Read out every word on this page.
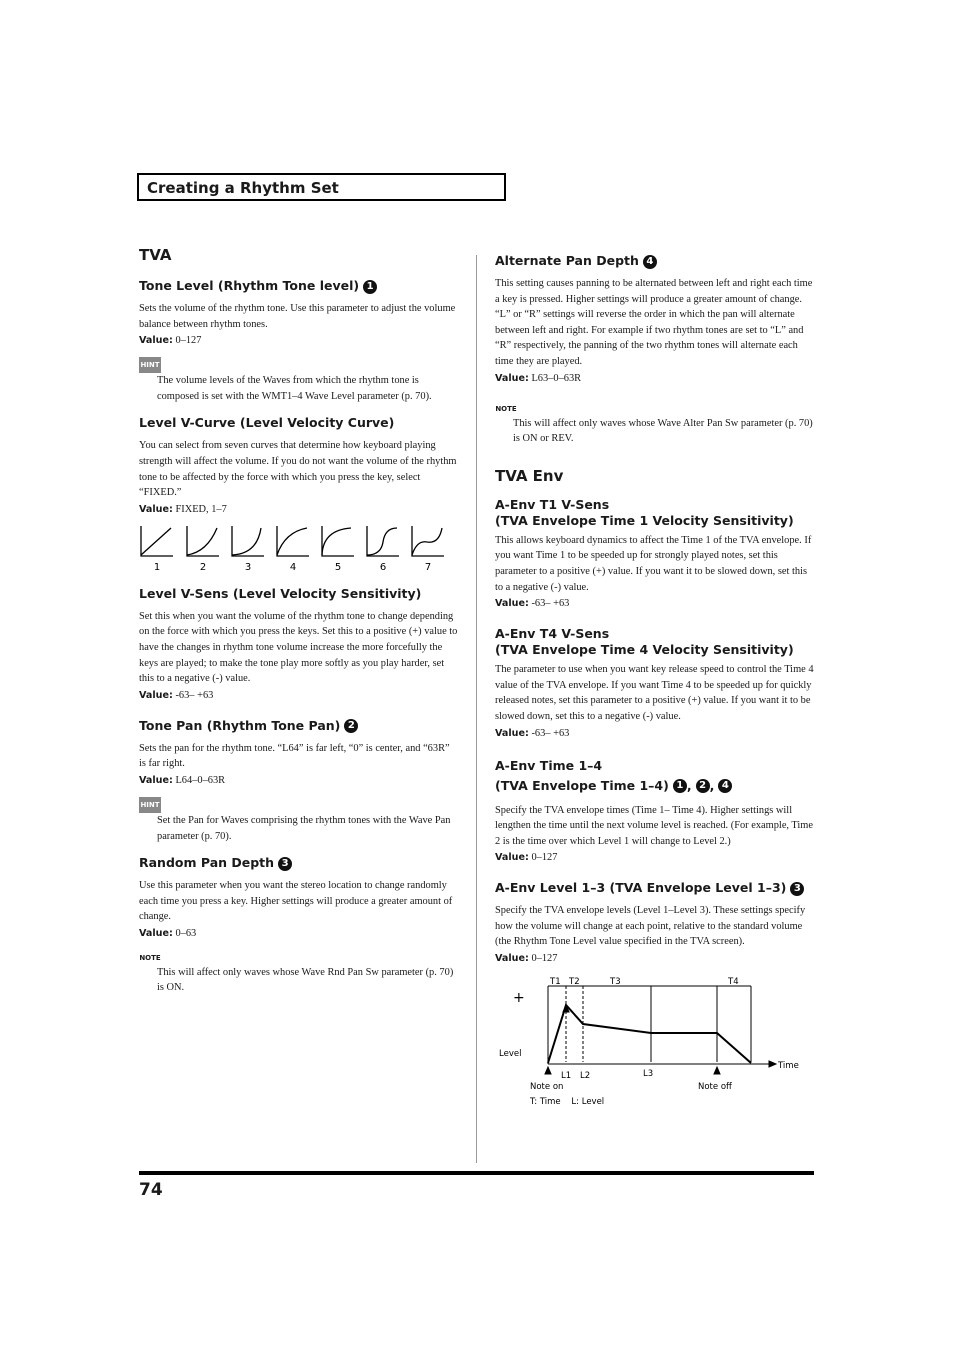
Creating a Rhythm Set
TVA
Tone Level (Rhythm Tone level) 1

Sets the volume of the rhythm tone. Use this parameter to adjust the volume balance between rhythm tones.

Value: 0–127
HINT

The volume levels of the Waves from which the rhythm tone is composed is set with the WMT1–4 Wave Level parameter (p. 70).

Level V-Curve (Level Velocity Curve)

You can select from seven curves that determine how keyboard playing strength will affect the volume. If you do not want the volume of the rhythm tone to be affected by the force with which you press the key, select “FIXED.”

Value: FIXED, 1–7
1	2	3	4	5	6	7
Level V-Sens (Level Velocity Sensitivity)

Set this when you want the volume of the rhythm tone to change depending on the force with which you press the keys. Set this to a positive (+) value to have the changes in rhythm tone volume increase the more forcefully the keys are played; to make the tone play more softly as you play harder, set this to a negative (-) value.

Value: -63– +63
Tone Pan (Rhythm Tone Pan) 2

Sets the pan for the rhythm tone. “L64” is far left, “0” is center, and “63R” is far right.

Value: L64–0–63R
HINT

Set the Pan for Waves comprising the rhythm tones with the Wave Pan parameter (p. 70).

Random Pan Depth 3

Use this parameter when you want the stereo location to change randomly each time you press a key. Higher settings will produce a greater amount of change.

Value: 0–63
NOTE

This will affect only waves whose Wave Rnd Pan Sw parameter (p. 70) is ON.

Alternate Pan Depth 4

This setting causes panning to be alternated between left and right each time a key is pressed. Higher settings will produce a greater amount of change. “L” or “R” settings will reverse the order in which the pan will alternate between left and right. For example if two rhythm tones are set to “L” and “R” respectively, the panning of the two rhythm tones will alternate each time they are played.

Value: L63–0–63R
NOTE

This will affect only waves whose Wave Alter Pan Sw parameter (p. 70) is ON or REV.

TVA Env
A-Env T1 V-Sens
(TVA Envelope Time 1 Velocity Sensitivity)

This allows keyboard dynamics to affect the Time 1 of the TVA envelope. If you want Time 1 to be speeded up for strongly played notes, set this parameter to a positive (+) value. If you want it to be slowed down, set this to a negative (-) value.

Value: -63– +63
A-Env T4 V-Sens
(TVA Envelope Time 4 Velocity Sensitivity)

The parameter to use when you want key release speed to control the Time 4 value of the TVA envelope. If you want Time 4 to be speeded up for quickly released notes, set this parameter to a positive (+) value. If you want it to be slowed down, set this to a negative (-) value.

Value: -63– +63
A-Env Time 1–4
(TVA Envelope Time 1–4) 1 , 2 , 4

Specify the TVA envelope times (Time 1– Time 4). Higher settings will lengthen the time until the next volume level is reached. (For example, Time 2 is the time over which Level 1 will change to Level 2.)

Value: 0–127
A-Env Level 1–3 (TVA Envelope Level 1–3) 3

Specify the TVA envelope levels (Level 1–Level 3). These settings specify how the volume will change at each point, relative to the standard volume (the Rhythm Tone Level value specified in the TVA screen).

Value: 0–127
T1 T2	T3	T4
+
Level
Time
L1 L2	L3
Note on	Note off
T: Time    L: Level
74
